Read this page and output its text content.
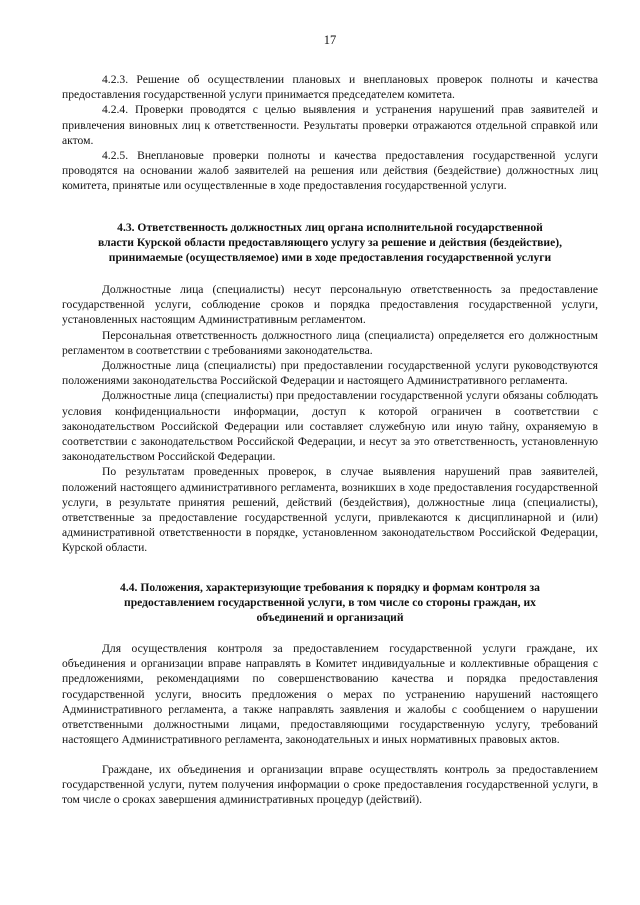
17

4.2.3. Решение об осуществлении плановых и внеплановых проверок полноты и качества предоставления государственной услуги принимается председателем комитета.

4.2.4. Проверки проводятся с целью выявления и устранения нарушений прав заявителей и привлечения виновных лиц к ответственности. Результаты проверки отражаются отдельной справкой или актом.

4.2.5. Внеплановые проверки полноты и качества предоставления государственной услуги проводятся на основании жалоб заявителей на решения или действия (бездействие) должностных лиц комитета, принятые или осуществленные в ходе предоставления государственной услуги.

4.3. Ответственность должностных лиц органа исполнительной государственной
власти Курской области предоставляющего услугу за решение и действия (бездействие),
принимаемые (осуществляемое) ими в ходе предоставления государственной услуги

Должностные лица (специалисты) несут персональную ответственность за предоставление государственной услуги, соблюдение сроков и порядка предоставления государственной услуги, установленных настоящим Административным регламентом.

Персональная ответственность должностного лица (специалиста) определяется его должностным регламентом в соответствии с требованиями законодательства.

Должностные лица (специалисты) при предоставлении государственной услуги руководствуются положениями законодательства Российской Федерации и настоящего Административного регламента.

Должностные лица (специалисты) при предоставлении государственной услуги обязаны соблюдать условия конфиденциальности информации, доступ к которой ограничен в соответствии с законодательством Российской Федерации или составляет служебную или иную тайну, охраняемую в соответствии с законодательством Российской Федерации, и несут за это ответственность, установленную законодательством Российской Федерации.

По результатам проведенных проверок, в случае выявления нарушений прав заявителей, положений настоящего административного регламента, возникших в ходе предоставления государственной услуги, в результате принятия решений, действий (бездействия), должностные лица (специалисты), ответственные за предоставление государственной услуги, привлекаются к дисциплинарной и (или) административной ответственности в порядке, установленном законодательством Российской Федерации, Курской области.

4.4. Положения, характеризующие требования к порядку и формам контроля за
предоставлением государственной услуги, в том числе со стороны граждан, их
объединений и организаций

Для осуществления контроля за предоставлением государственной услуги граждане, их объединения и организации вправе направлять в Комитет индивидуальные и коллективные обращения с предложениями, рекомендациями по совершенствованию качества и порядка предоставления государственной услуги, вносить предложения о мерах по устранению нарушений настоящего Административного регламента, а также направлять заявления и жалобы с сообщением о нарушении ответственными должностными лицами, предоставляющими государственную услугу, требований настоящего Административного регламента, законодательных и иных нормативных правовых актов.

Граждане, их объединения и организации вправе осуществлять контроль за предоставлением государственной услуги, путем получения информации о сроке предоставления государственной услуги, в том числе о сроках завершения административных процедур (действий).
